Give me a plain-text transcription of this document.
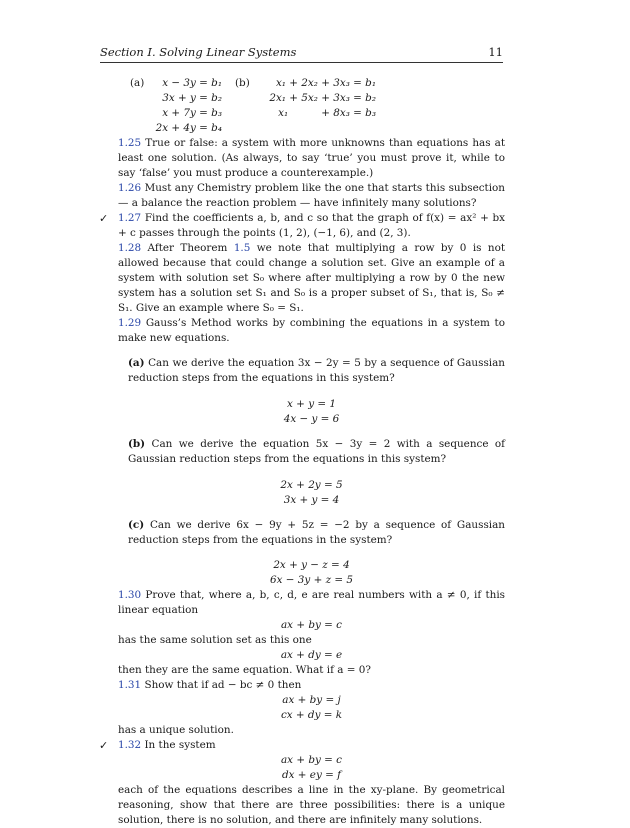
Section I. Solving Linear Systems	11
(a)	x − 3y = b₁
3x + y = b₂
x + 7y = b₃
2x + 4y = b₄
(b)	x₁ + 2x₂ + 3x₃ = b₁
2x₁ + 5x₂ + 3x₃ = b₂
x₁          + 8x₃ = b₃

1.25 True or false: a system with more unknowns than equations has at least one solution. (As always, to say ‘true’ you must prove it, while to say ‘false’ you must produce a counterexample.)

1.26 Must any Chemistry problem like the one that starts this subsection — a balance the reaction problem — have infinitely many solutions?

✓ 1.27 Find the coefficients a, b, and c so that the graph of f(x) = ax² + bx + c passes through the points (1, 2), (−1, 6), and (2, 3).

1.28 After Theorem 1.5 we note that multiplying a row by 0 is not allowed because that could change a solution set. Give an example of a system with solution set S₀ where after multiplying a row by 0 the new system has a solution set S₁ and S₀ is a proper subset of S₁, that is, S₀ ≠ S₁. Give an example where S₀ = S₁.

1.29 Gauss’s Method works by combining the equations in a system to make new equations.

(a) Can we derive the equation 3x − 2y = 5 by a sequence of Gaussian reduction steps from the equations in this system?

x + y = 1
4x − y = 6

(b) Can we derive the equation 5x − 3y = 2 with a sequence of Gaussian reduction steps from the equations in this system?

2x + 2y = 5
3x + y = 4

(c) Can we derive 6x − 9y + 5z = −2 by a sequence of Gaussian reduction steps from the equations in the system?

2x + y − z = 4
6x − 3y + z = 5

1.30 Prove that, where a, b, c, d, e are real numbers with a ≠ 0, if this linear equation

ax + by = c

has the same solution set as this one

ax + dy = e

then they are the same equation. What if a = 0?

1.31 Show that if ad − bc ≠ 0 then

ax + by = j
cx + dy = k

has a unique solution.

✓ 1.32 In the system

ax + by = c
dx + ey = f

each of the equations describes a line in the xy-plane. By geometrical reasoning, show that there are three possibilities: there is a unique solution, there is no solution, and there are infinitely many solutions.
